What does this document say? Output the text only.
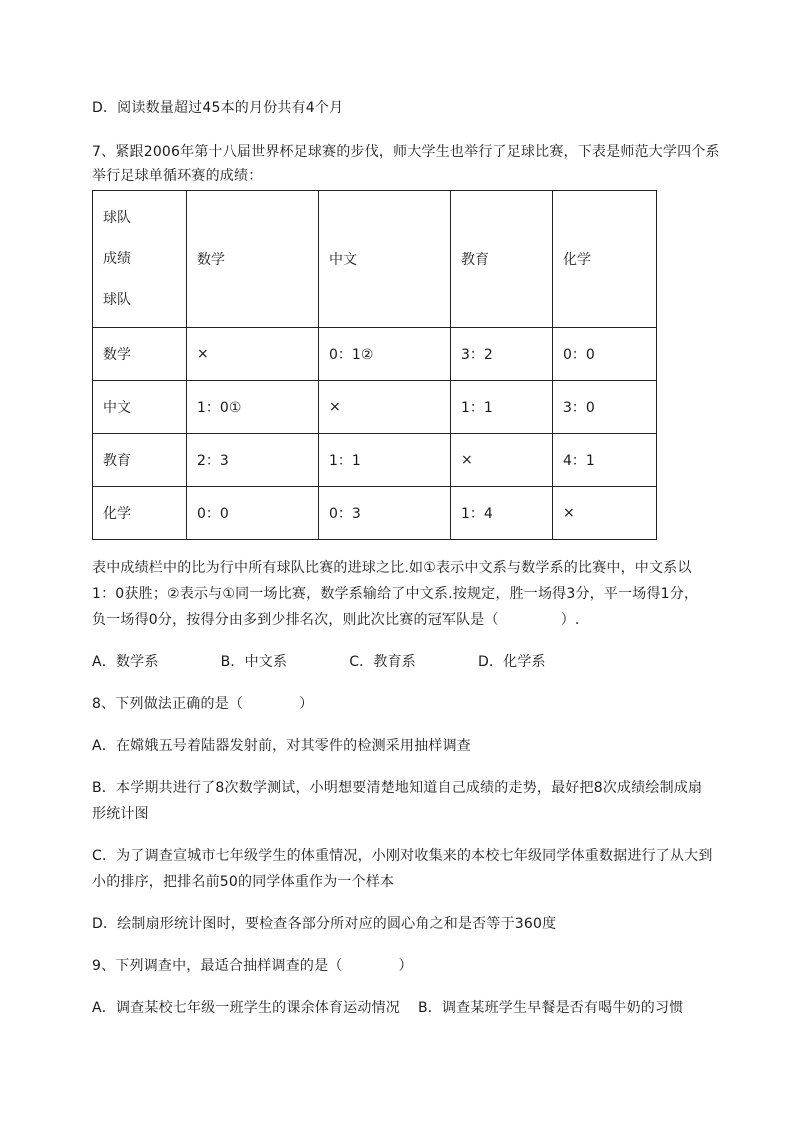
D．阅读数量超过45本的月份共有4个月
7、紧跟2006年第十八届世界杯足球赛的步伐，师大学生也举行了足球比赛，下表是师范大学四个系
举行足球单循环赛的成绩：
球队
成绩
球队	数学	中文	教育	化学
数学	×	0：1②	3：2	0：0
中文	1：0①	×	1：1	3：0
教育	2：3	1：1	×	4：1
化学	0：0	0：3	1：4	×
表中成绩栏中的比为行中所有球队比赛的进球之比.如①表示中文系与数学系的比赛中，中文系以
1：0获胜；②表示与①同一场比赛，数学系输给了中文系.按规定，胜一场得3分，平一场得1分，
负一场得0分，按得分由多到少排名次，则此次比赛的冠军队是（	）.
A．数学系	B．中文系	C．教育系	D．化学系
8、下列做法正确的是（	）
A．在嫦娥五号着陆器发射前，对其零件的检测采用抽样调查
B．本学期共进行了8次数学测试，小明想要清楚地知道自己成绩的走势，最好把8次成绩绘制成扇
形统计图
C．为了调查宣城市七年级学生的体重情况，小刚对收集来的本校七年级同学体重数据进行了从大到
小的排序，把排名前50的同学体重作为一个样本
D．绘制扇形统计图时，要检查各部分所对应的圆心角之和是否等于360度
9、下列调查中，最适合抽样调查的是（	）
A．调查某校七年级一班学生的课余体育运动情况 B．调查某班学生早餐是否有喝牛奶的习惯
